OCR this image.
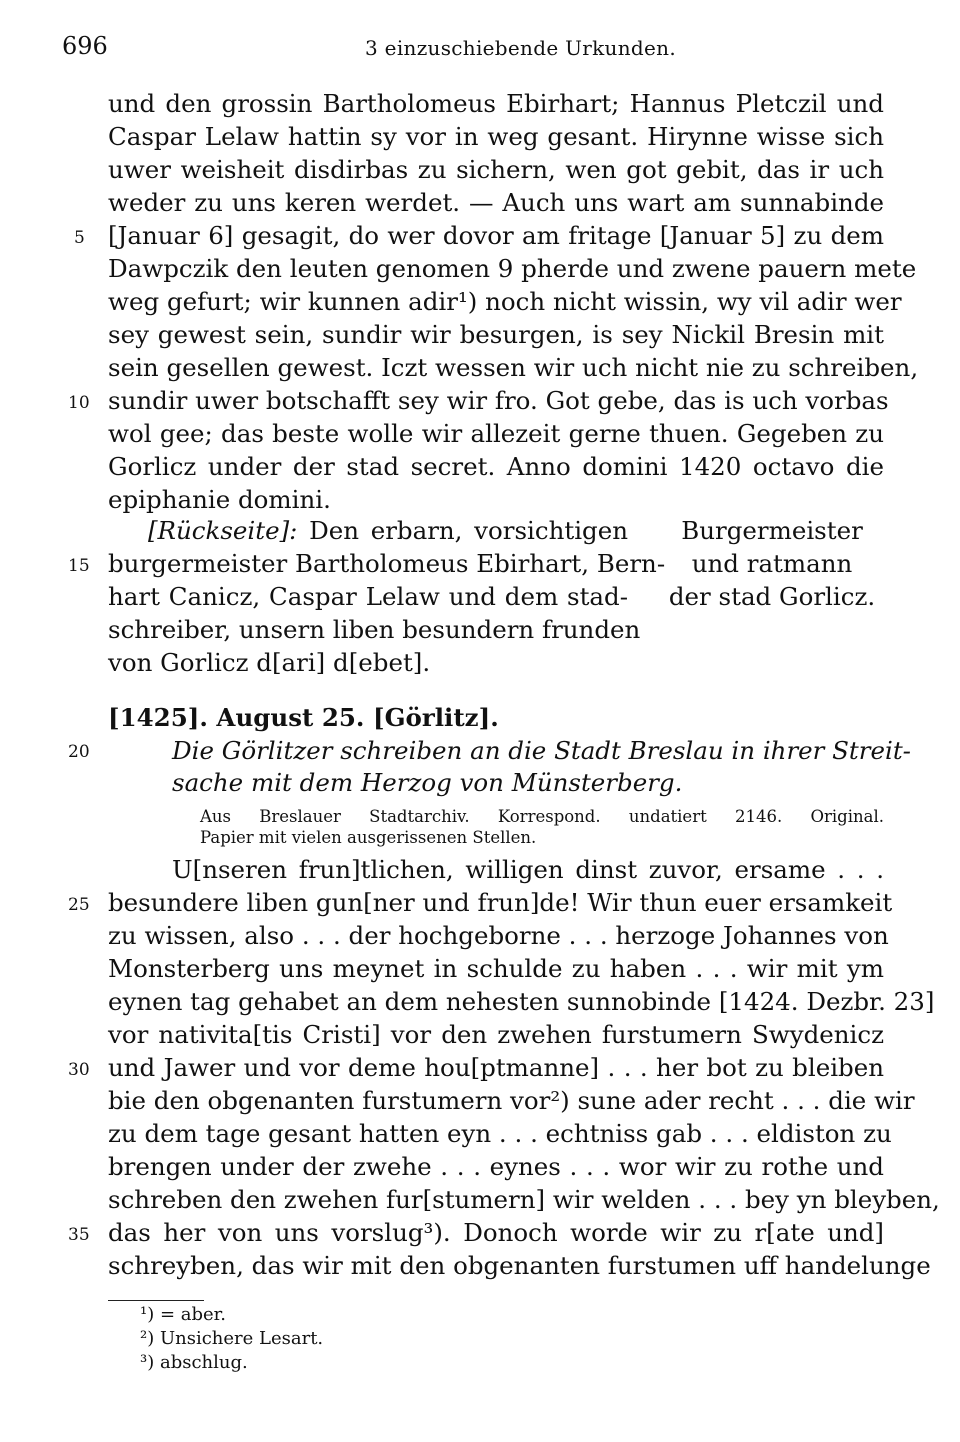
696	3 einzuschiebende Urkunden.
und den grossin Bartholomeus Ebirhart; Hannus Pletczil und
Caspar Lelaw hattin sy vor in weg gesant. Hirynne wisse sich
uwer weisheit disdirbas zu sichern, wen got gebit, das ir uch
weder zu uns keren werdet. — Auch uns wart am sunnabinde
[Januar 6] gesagit, do wer dovor am fritage [Januar 5] zu dem
Dawpczik den leuten genomen 9 pherde und zwene pauern mete
weg gefurt; wir kunnen adir¹) noch nicht wissin, wy vil adir wer
sey gewest sein, sundir wir besurgen, is sey Nickil Bresin mit
sein gesellen gewest. Iczt wessen wir uch nicht nie zu schreiben,
sundir uwer botschafft sey wir fro. Got gebe, das is uch vorbas
wol gee; das beste wolle wir allezeit gerne thuen. Gegeben zu
Gorlicz under der stad secret. Anno domini 1420 octavo die
epiphanie domini.
[Rückseite]: Den erbarn, vorsichtigen
burgermeister Bartholomeus Ebirhart, Bern-
hart Canicz, Caspar Lelaw und dem stad-
schreiber, unsern liben besundern frunden
von Gorlicz d[ari] d[ebet].
Burgermeister
und ratmann
der stad Gorlicz.
[1425]. August 25. [Görlitz].
Die Görlitzer schreiben an die Stadt Breslau in ihrer Streit-
sache mit dem Herzog von Münsterberg.
Aus Breslauer Stadtarchiv. Korrespond. undatiert 2146. Original.
Papier mit vielen ausgerissenen Stellen.
U[nseren frun]tlichen, willigen dinst zuvor, ersame . . .
besundere liben gun[ner und frun]de! Wir thun euer ersamkeit
zu wissen, also . . . der hochgeborne . . . herzoge Johannes von
Monsterberg uns meynet in schulde zu haben . . . wir mit ym
eynen tag gehabet an dem nehesten sunnobinde [1424. Dezbr. 23]
vor nativita[tis Cristi] vor den zwehen furstumern Swydenicz
und Jawer und vor deme hou[ptmanne] . . . her bot zu bleiben
bie den obgenanten furstumern vor²) sune ader recht . . . die wir
zu dem tage gesant hatten eyn . . . echtniss gab . . . eldiston zu
brengen under der zwehe . . . eynes . . . wor wir zu rothe und
schreben den zwehen fur[stumern] wir welden . . . bey yn bleyben,
das her von uns vorslug³). Donoch worde wir zu r[ate und]
schreyben, das wir mit den obgenanten furstumen uff handelunge
5
10
15
20
25
30
35
¹) = aber.
²) Unsichere Lesart.
³) abschlug.
